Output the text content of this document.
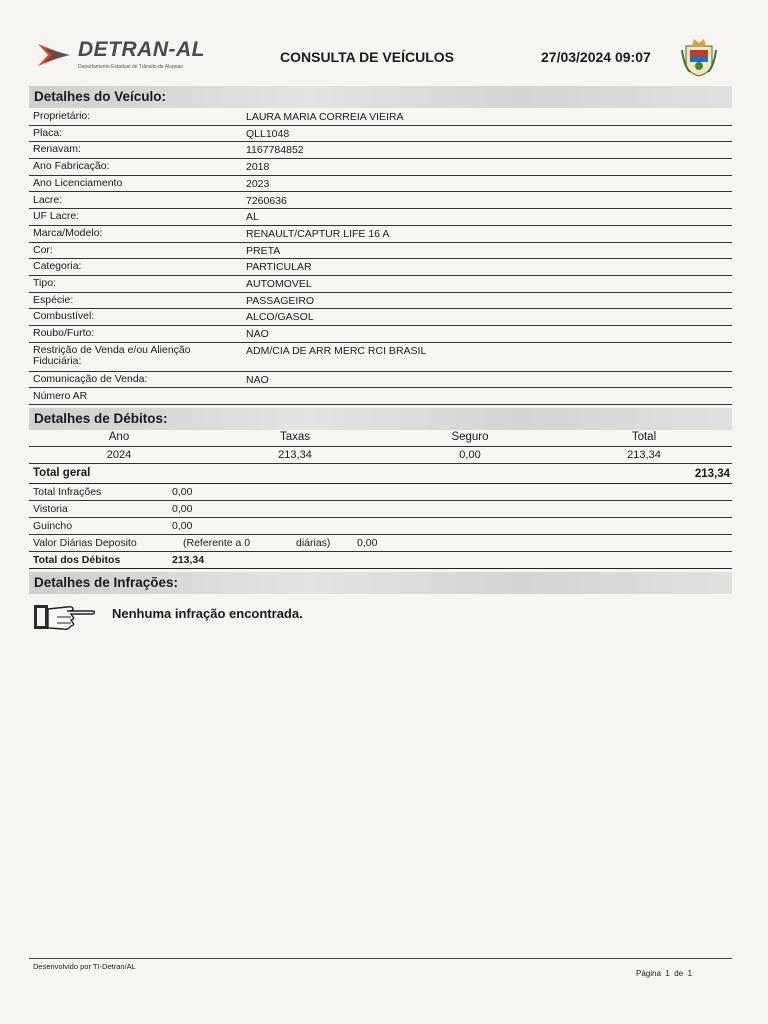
DETRAN-AL
Departamento Estadual de Trânsito de Alagoas
CONSULTA DE VEÍCULOS	27/03/2024 09:07
Detalhes do Veículo:
Proprietário:	LAURA MARIA CORREIA VIEIRA
Placa:	QLL1048
Renavam:	1167784852
Ano Fabricação:	2018
Ano Licenciamento	2023
Lacre:	7260636
UF Lacre:	AL
Marca/Modelo:	RENAULT/CAPTUR LIFE 16 A
Cor:	PRETA
Categoria:	PARTICULAR
Tipo:	AUTOMOVEL
Espécie:	PASSAGEIRO
Combustível:	ALCO/GASOL
Roubo/Furto:	NAO
Restrição de Venda e/ou Alienção Fiduciária:
ADM/CIA DE ARR MERC RCI BRASIL
Comunicação de Venda:	NAO
Número AR
Detalhes de Débitos:
Ano	Taxas	Seguro	Total
2024	213,34	0,00	213,34
Total geral	213,34
Total Infrações	0,00
Vistoria	0,00
Guincho	0,00
Valor Diárias Deposito	(Referente a 0	diárias)	0,00
Total dos Débitos	213,34
Detalhes de Infrações:
Nenhuma infração encontrada.
Desenvolvido por TI-Detran/AL
Página 1 de 1
